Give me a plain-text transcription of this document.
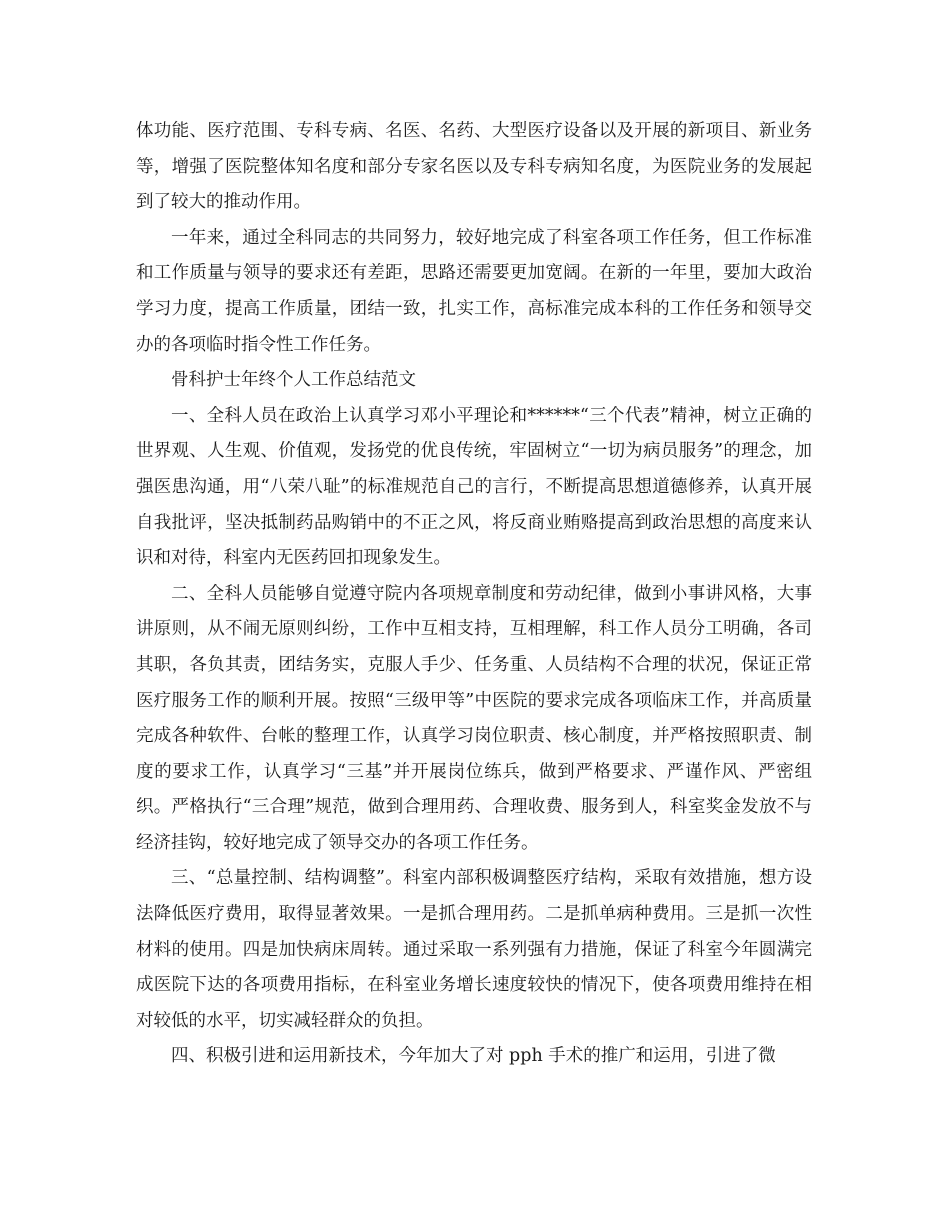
体功能、医疗范围、专科专病、名医、名药、大型医疗设备以及开展的新项目、新业务等，增强了医院整体知名度和部分专家名医以及专科专病知名度，为医院业务的发展起到了较大的推动作用。

一年来，通过全科同志的共同努力，较好地完成了科室各项工作任务，但工作标准和工作质量与领导的要求还有差距，思路还需要更加宽阔。在新的一年里，要加大政治学习力度，提高工作质量，团结一致，扎实工作，高标准完成本科的工作任务和领导交办的各项临时指令性工作任务。

骨科护士年终个人工作总结范文

一、全科人员在政治上认真学习邓小平理论和******“三个代表”精神，树立正确的世界观、人生观、价值观，发扬党的优良传统，牢固树立“一切为病员服务”的理念，加强医患沟通，用“八荣八耻”的标准规范自己的言行，不断提高思想道德修养，认真开展自我批评，坚决抵制药品购销中的不正之风，将反商业贿赂提高到政治思想的高度来认识和对待，科室内无医药回扣现象发生。

二、全科人员能够自觉遵守院内各项规章制度和劳动纪律，做到小事讲风格，大事讲原则，从不闹无原则纠纷，工作中互相支持，互相理解，科工作人员分工明确，各司其职，各负其责，团结务实，克服人手少、任务重、人员结构不合理的状况，保证正常医疗服务工作的顺利开展。按照“三级甲等”中医院的要求完成各项临床工作，并高质量完成各种软件、台帐的整理工作，认真学习岗位职责、核心制度，并严格按照职责、制度的要求工作，认真学习“三基”并开展岗位练兵，做到严格要求、严谨作风、严密组织。严格执行“三合理”规范，做到合理用药、合理收费、服务到人，科室奖金发放不与经济挂钩，较好地完成了领导交办的各项工作任务。

三、“总量控制、结构调整”。科室内部积极调整医疗结构，采取有效措施，想方设法降低医疗费用，取得显著效果。一是抓合理用药。二是抓单病种费用。三是抓一次性材料的使用。四是加快病床周转。通过采取一系列强有力措施，保证了科室今年圆满完成医院下达的各项费用指标，在科室业务增长速度较快的情况下，使各项费用维持在相对较低的水平，切实减轻群众的负担。

四、积极引进和运用新技术，今年加大了对 pph 手术的推广和运用，引进了微
